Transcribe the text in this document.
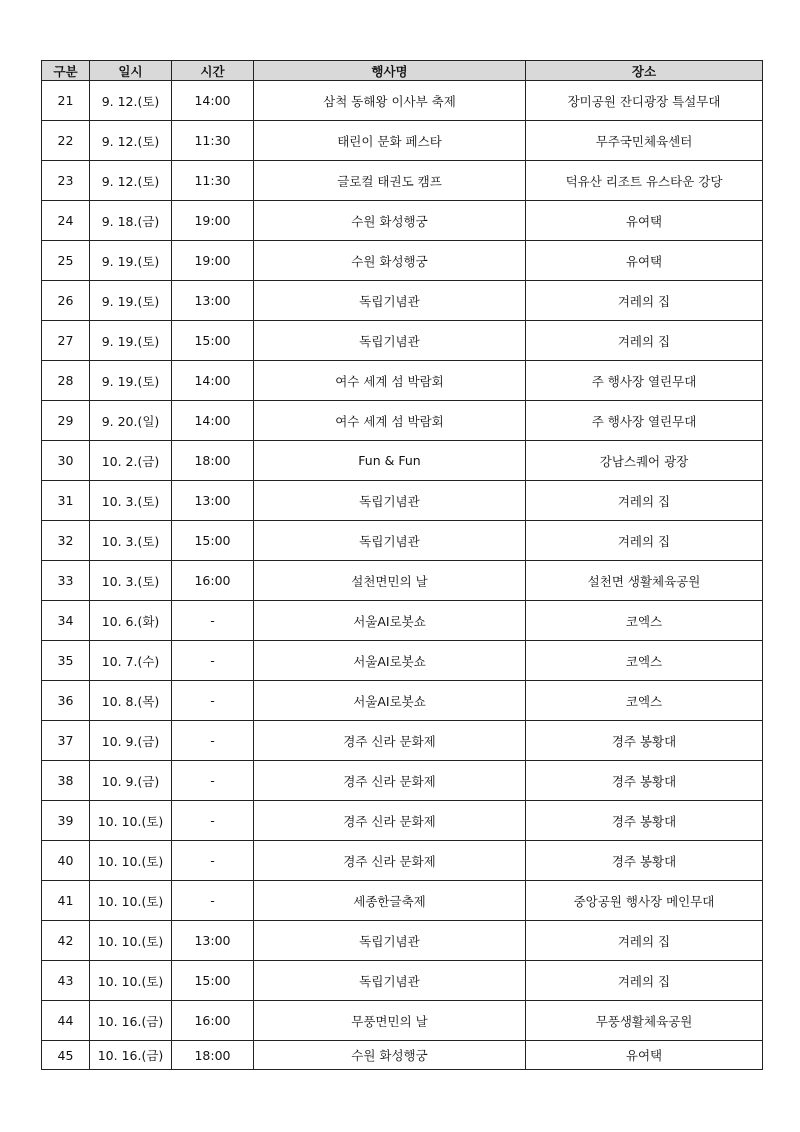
구분	일시	시간	행사명	장소
21	9. 12.(토)	14:00	삼척 동해왕 이사부 축제	장미공원 잔디광장 특설무대
22	9. 12.(토)	11:30	태린이 문화 페스타	무주국민체육센터
23	9. 12.(토)	11:30	글로컬 태권도 캠프	덕유산 리조트 유스타운 강당
24	9. 18.(금)	19:00	수원 화성행궁	유여택
25	9. 19.(토)	19:00	수원 화성행궁	유여택
26	9. 19.(토)	13:00	독립기념관	겨레의 집
27	9. 19.(토)	15:00	독립기념관	겨레의 집
28	9. 19.(토)	14:00	여수 세계 섬 박람회	주 행사장 열린무대
29	9. 20.(일)	14:00	여수 세계 섬 박람회	주 행사장 열린무대
30	10. 2.(금)	18:00	Fun & Fun	강남스퀘어 광장
31	10. 3.(토)	13:00	독립기념관	겨레의 집
32	10. 3.(토)	15:00	독립기념관	겨레의 집
33	10. 3.(토)	16:00	설천면민의 날	설천면 생활체육공원
34	10. 6.(화)	-	서울AI로봇쇼	코엑스
35	10. 7.(수)	-	서울AI로봇쇼	코엑스
36	10. 8.(목)	-	서울AI로봇쇼	코엑스
37	10. 9.(금)	-	경주 신라 문화제	경주 봉황대
38	10. 9.(금)	-	경주 신라 문화제	경주 봉황대
39	10. 10.(토)	-	경주 신라 문화제	경주 봉황대
40	10. 10.(토)	-	경주 신라 문화제	경주 봉황대
41	10. 10.(토)	-	세종한글축제	중앙공원 행사장 메인무대
42	10. 10.(토)	13:00	독립기념관	겨레의 집
43	10. 10.(토)	15:00	독립기념관	겨레의 집
44	10. 16.(금)	16:00	무풍면민의 날	무풍생활체육공원
45	10. 16.(금)	18:00	수원 화성행궁	유여택
